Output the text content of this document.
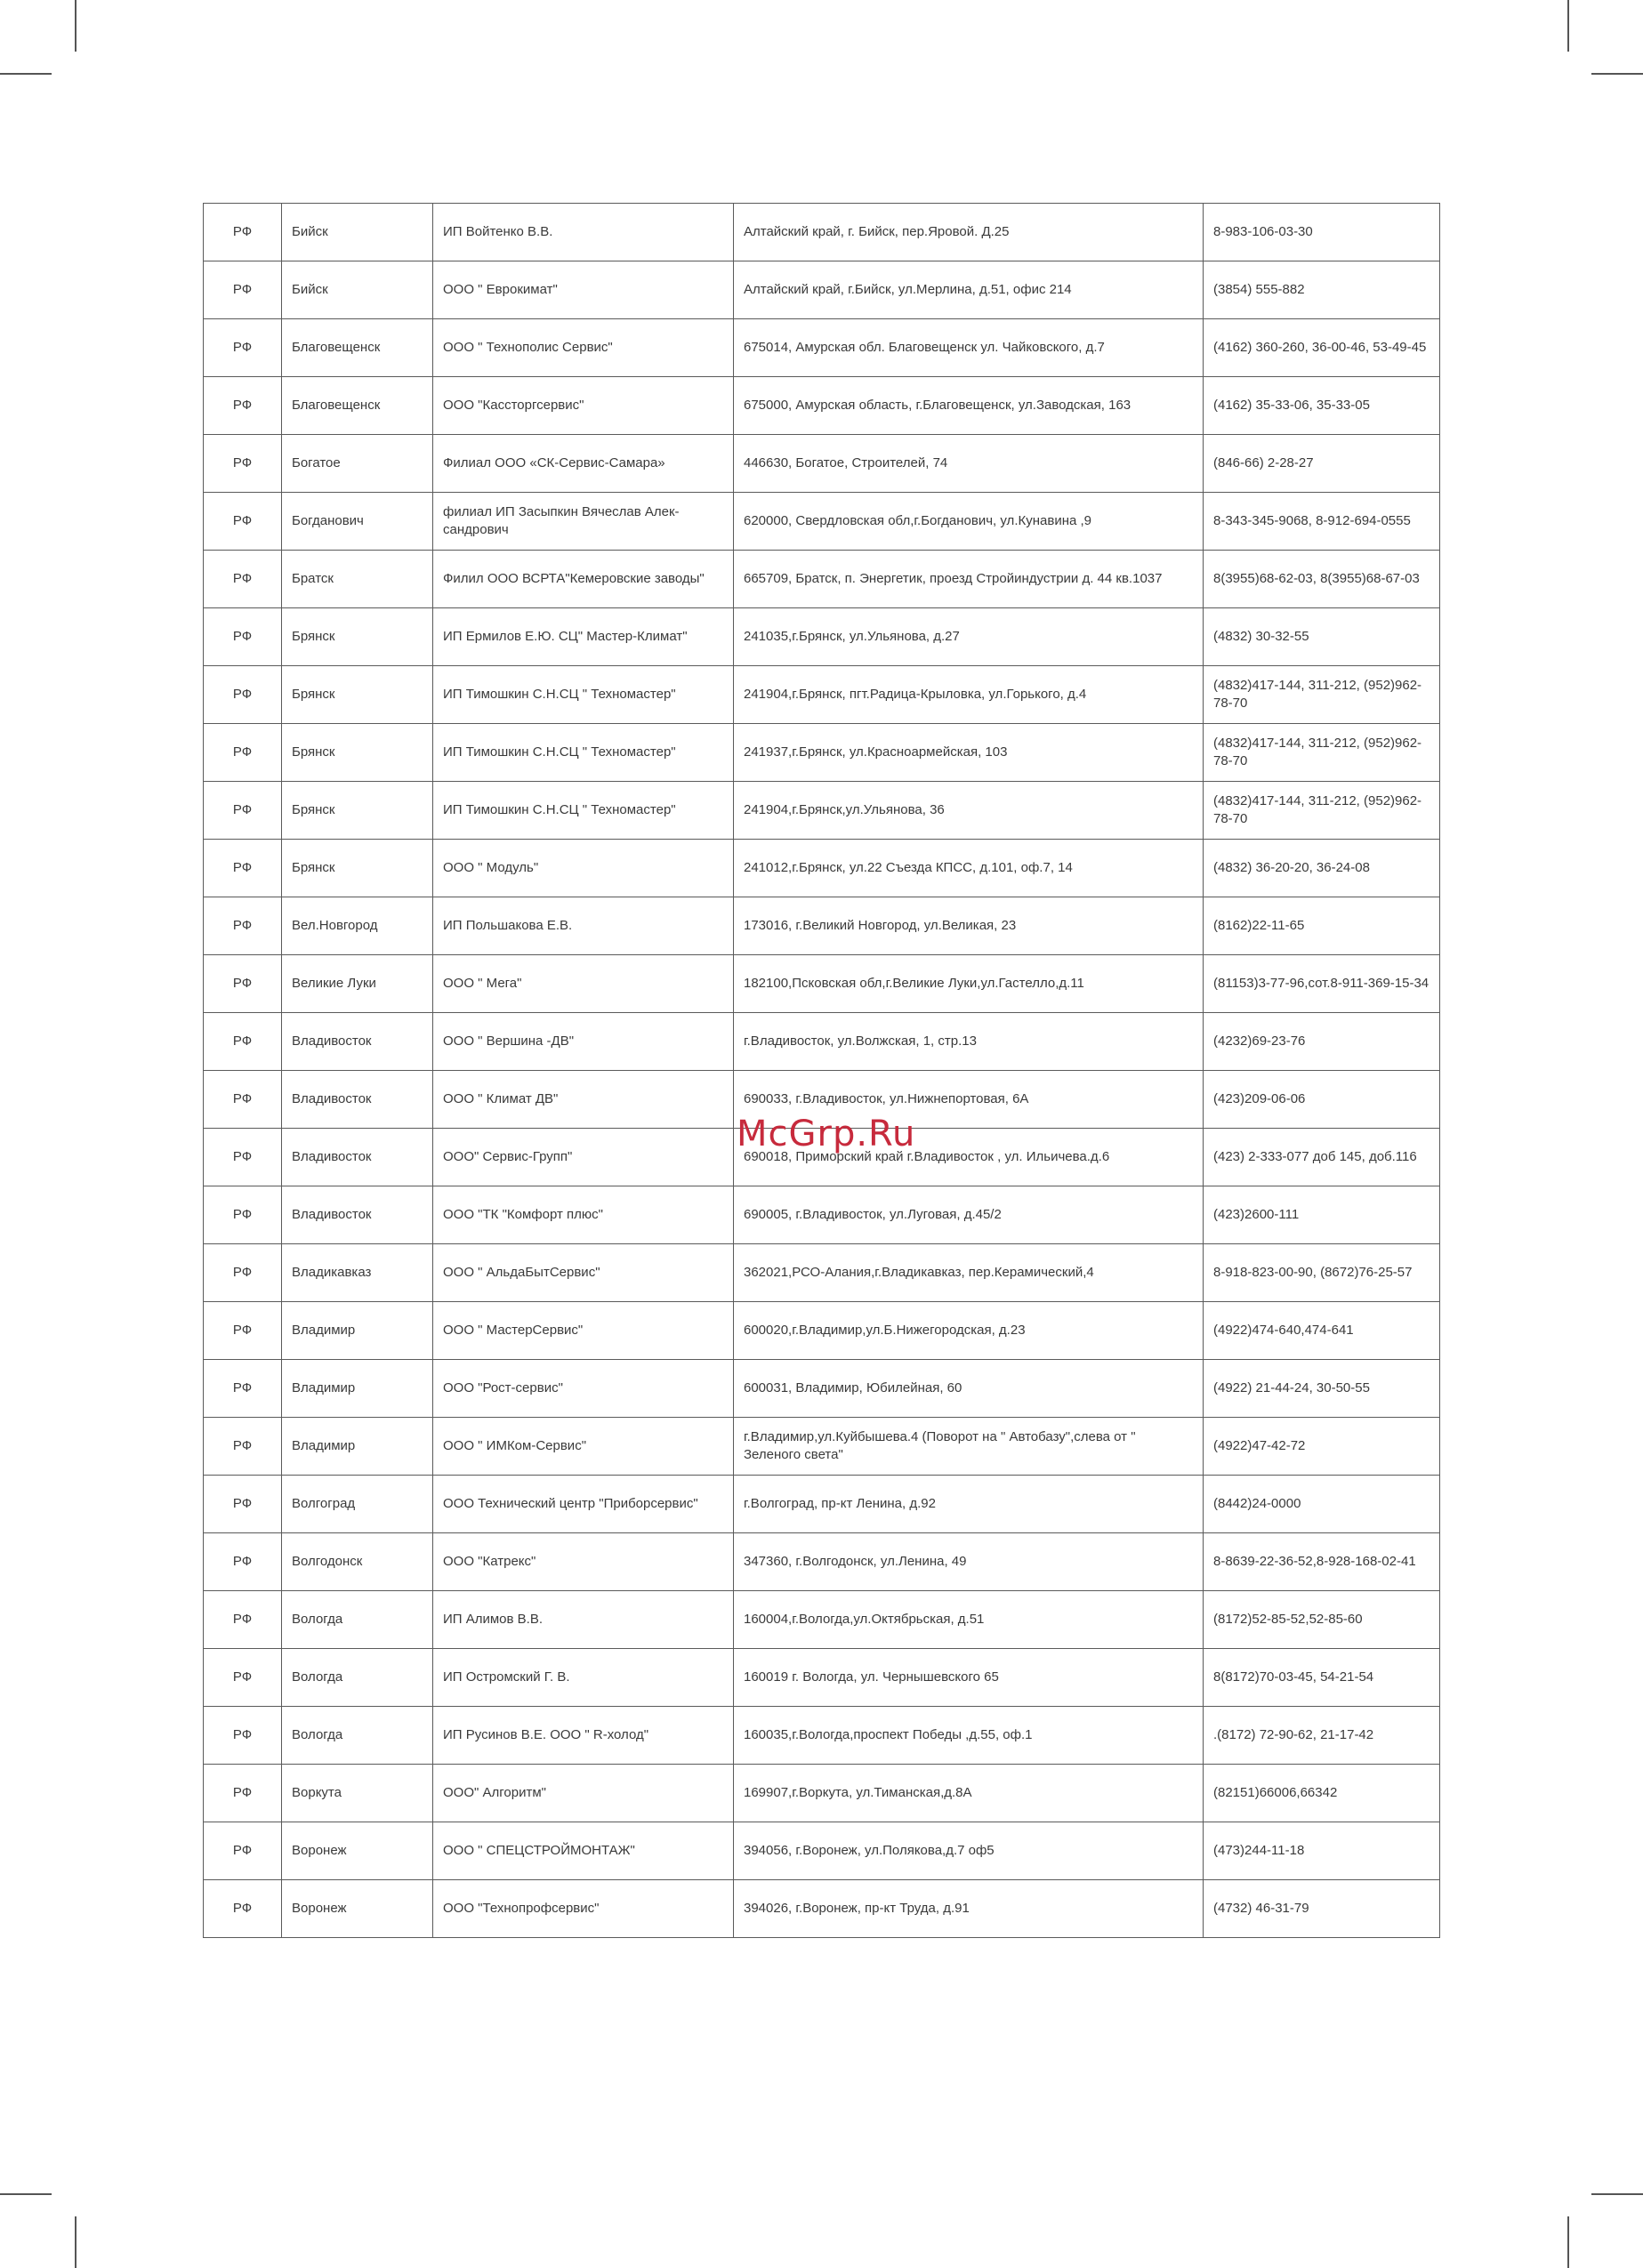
РФ	Бийск	ИП Войтенко В.В.	Алтайский край, г. Бийск, пер.Яровой. Д.25	8-983-106-03-30
РФ	Бийск	ООО " Еврокимат"	Алтайский край, г.Бийск, ул.Мерлина, д.51, офис 214	(3854) 555-882
РФ	Благовещенск	ООО " Технополис Сервис"	675014, Амурская обл. Благовещенск ул. Чайковского, д.7	(4162) 360-260, 36-00-46, 53-49-45
РФ	Благовещенск	ООО "Кассторгсервис"	675000, Амурская область, г.Благовещенск, ул.Заводская, 163	(4162) 35-33-06, 35-33-05
РФ	Богатое	Филиал ООО «СК-Сервис-Самара»	446630, Богатое, Строителей, 74	(846-66) 2-28-27
РФ	Богданович	филиал ИП Засыпкин Вячеслав Алек-сандрович	620000, Свердловская обл,г.Богданович, ул.Кунавина ,9	8-343-345-9068, 8-912-694-0555
РФ	Братск	Филил ООО ВСРТА"Кемеровские заводы"	665709, Братск, п. Энергетик, проезд Стройиндустрии д. 44 кв.1037	8(3955)68-62-03, 8(3955)68-67-03
РФ	Брянск	ИП Ермилов Е.Ю. СЦ" Мастер-Климат"	241035,г.Брянск, ул.Ульянова, д.27	(4832) 30-32-55
РФ	Брянск	ИП Тимошкин С.Н.СЦ " Техномастер"	241904,г.Брянск, пгт.Радица-Крыловка, ул.Горького, д.4	(4832)417-144, 311-212, (952)962-78-70
РФ	Брянск	ИП Тимошкин С.Н.СЦ " Техномастер"	241937,г.Брянск, ул.Красноармейская, 103	(4832)417-144, 311-212, (952)962-78-70
РФ	Брянск	ИП Тимошкин С.Н.СЦ " Техномастер"	241904,г.Брянск,ул.Ульянова, 36	(4832)417-144, 311-212, (952)962-78-70
РФ	Брянск	ООО " Модуль"	241012,г.Брянск, ул.22 Съезда КПСС, д.101, оф.7, 14	(4832) 36-20-20, 36-24-08
РФ	Вел.Новгород	ИП Польшакова Е.В.	173016, г.Великий Новгород, ул.Великая, 23	(8162)22-11-65
РФ	Великие Луки	ООО " Мега"	182100,Псковская обл,г.Великие Луки,ул.Гастелло,д.11	(81153)3-77-96,сот.8-911-369-15-34
РФ	Владивосток	ООО " Вершина -ДВ"	г.Владивосток, ул.Волжская, 1, стр.13	(4232)69-23-76
РФ	Владивосток	ООО " Климат ДВ"	690033, г.Владивосток, ул.Нижнепортовая, 6А	(423)209-06-06
РФ	Владивосток	ООО" Сервис-Групп"	690018, Приморский край г.Владивосток , ул. Ильичева.д.6	(423) 2-333-077 доб 145, доб.116
РФ	Владивосток	ООО "ТК "Комфорт плюс"	690005, г.Владивосток, ул.Луговая, д.45/2	(423)2600-111
РФ	Владикавказ	ООО " АльдаБытСервис"	362021,РСО-Алания,г.Владикавказ, пер.Керамический,4	8-918-823-00-90, (8672)76-25-57
РФ	Владимир	ООО " МастерСервис"	600020,г.Владимир,ул.Б.Нижегородская, д.23	(4922)474-640,474-641
РФ	Владимир	ООО "Рост-сервис"	600031, Владимир, Юбилейная, 60	(4922) 21-44-24, 30-50-55
РФ	Владимир	ООО " ИМКом-Сервис"	г.Владимир,ул.Куйбышева.4 (Поворот на " Автобазу",слева от " Зеленого света"	(4922)47-42-72
РФ	Волгоград	ООО Технический центр "Приборсервис"	г.Волгоград, пр-кт Ленина, д.92	(8442)24-0000
РФ	Волгодонск	ООО "Катрекс"	347360, г.Волгодонск, ул.Ленина, 49	8-8639-22-36-52,8-928-168-02-41
РФ	Вологда	ИП Алимов В.В.	160004,г.Вологда,ул.Октябрьская, д.51	(8172)52-85-52,52-85-60
РФ	Вологда	ИП Остромский Г. В.	160019 г. Вологда, ул. Чернышевского 65	8(8172)70-03-45, 54-21-54
РФ	Вологда	ИП Русинов В.Е. ООО " R-холод"	160035,г.Вологда,проспект Победы ,д.55, оф.1	.(8172) 72-90-62, 21-17-42
РФ	Воркута	ООО" Алгоритм"	169907,г.Воркута, ул.Тиманская,д.8А	(82151)66006,66342
РФ	Воронеж	ООО " СПЕЦСТРОЙМОНТАЖ"	394056, г.Воронеж, ул.Полякова,д.7 оф5	(473)244-11-18
РФ	Воронеж	ООО "Технопрофсервис"	394026, г.Воронеж, пр-кт Труда, д.91	(4732) 46-31-79
McGrp.Ru
